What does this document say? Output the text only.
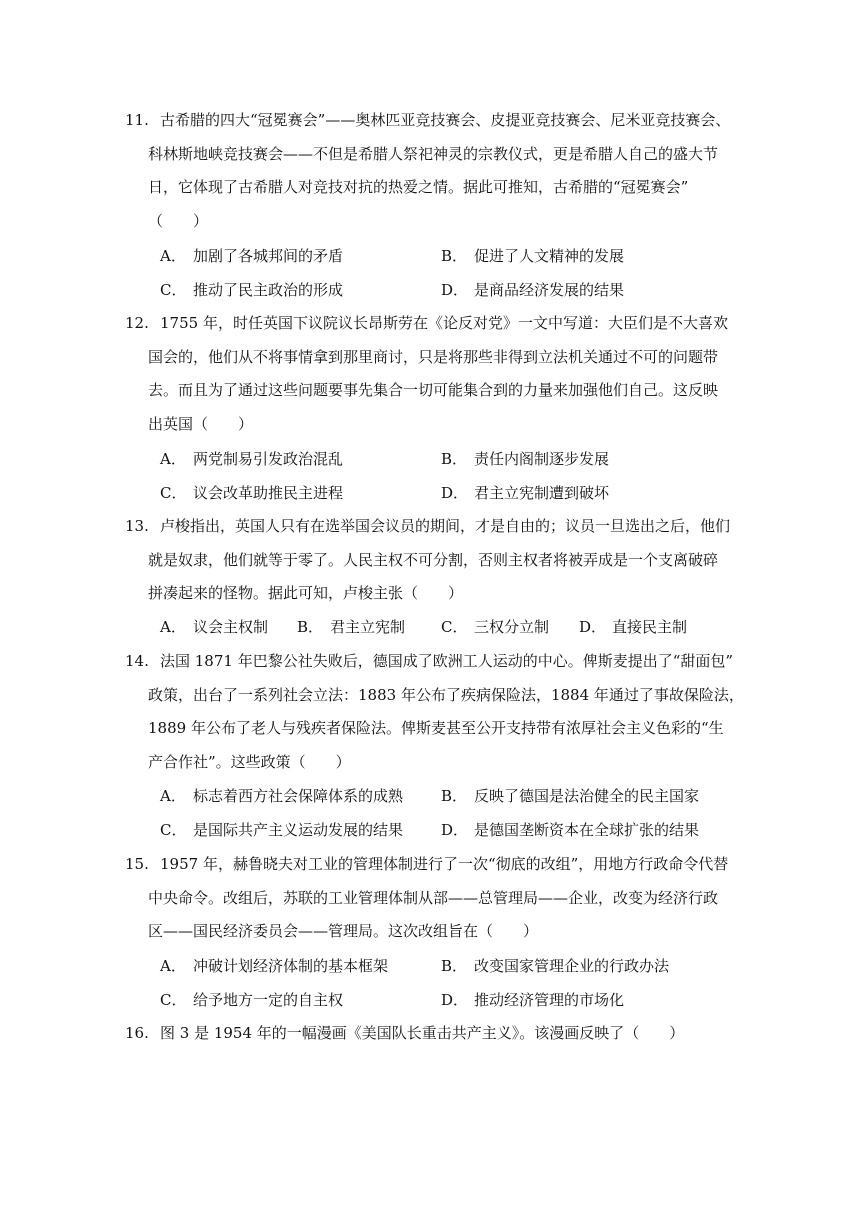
11. 古希腊的四大“冠冕赛会”——奥林匹亚竞技赛会、皮提亚竞技赛会、尼米亚竞技赛会、
科林斯地峡竞技赛会——不但是希腊人祭祀神灵的宗教仪式，更是希腊人自己的盛大节
日，它体现了古希腊人对竞技对抗的热爱之情。据此可推知，古希腊的“冠冕赛会”
（　　）
A． 加剧了各城邦间的矛盾	B． 促进了人文精神的发展
C． 推动了民主政治的形成	D． 是商品经济发展的结果
12. 1755 年，时任英国下议院议长昂斯劳在《论反对党》一文中写道：大臣们是不大喜欢
国会的，他们从不将事情拿到那里商讨，只是将那些非得到立法机关通过不可的问题带
去。而且为了通过这些问题要事先集合一切可能集合到的力量来加强他们自己。这反映
出英国（　　）
A． 两党制易引发政治混乱	B． 责任内阁制逐步发展
C． 议会改革助推民主进程	D． 君主立宪制遭到破坏
13. 卢梭指出，英国人只有在选举国会议员的期间，才是自由的；议员一旦选出之后，他们
就是奴隶，他们就等于零了。人民主权不可分割，否则主权者将被弄成是一个支离破碎
拼凑起来的怪物。据此可知，卢梭主张（　　）
A． 议会主权制 B． 君主立宪制 C． 三权分立制 D． 直接民主制
14. 法国 1871 年巴黎公社失败后，德国成了欧洲工人运动的中心。俾斯麦提出了“甜面包”
政策，出台了一系列社会立法：1883 年公布了疾病保险法，1884 年通过了事故保险法，
1889 年公布了老人与残疾者保险法。俾斯麦甚至公开支持带有浓厚社会主义色彩的“生
产合作社”。这些政策（　　）
A． 标志着西方社会保障体系的成熟	B． 反映了德国是法治健全的民主国家
C． 是国际共产主义运动发展的结果	D． 是德国垄断资本在全球扩张的结果
15. 1957 年，赫鲁晓夫对工业的管理体制进行了一次“彻底的改组”，用地方行政命令代替
中央命令。改组后，苏联的工业管理体制从部——总管理局——企业，改变为经济行政
区——国民经济委员会——管理局。这次改组旨在（　　）
A． 冲破计划经济体制的基本框架	B． 改变国家管理企业的行政办法
C． 给予地方一定的自主权	D． 推动经济管理的市场化
16. 图 3 是 1954 年的一幅漫画《美国队长重击共产主义》。该漫画反映了（　　）
